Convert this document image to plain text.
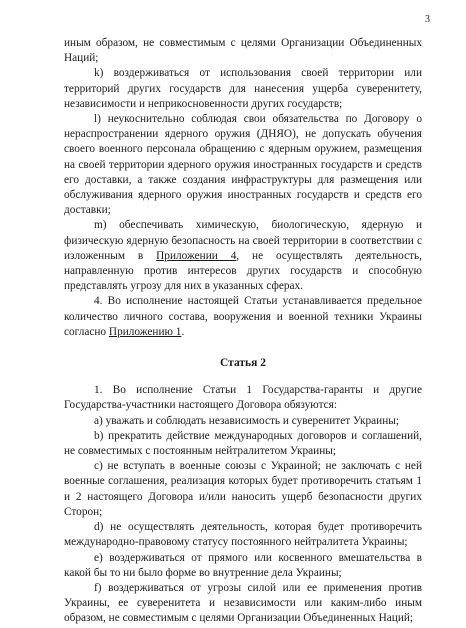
3

иным образом, не совместимым с целями Организации Объединенных Наций;

k) воздерживаться от использования своей территории или территорий других государств для нанесения ущерба суверенитету, независимости и неприкосновенности других государств;

l) неукоснительно соблюдая свои обязательства по Договору о нераспространении ядерного оружия (ДНЯО), не допускать обучения своего военного персонала обращению с ядерным оружием, размещения на своей территории ядерного оружия иностранных государств и средств его доставки, а также создания инфраструктуры для размещения или обслуживания ядерного оружия иностранных государств и средств его доставки;

m) обеспечивать химическую, биологическую, ядерную и физическую ядерную безопасность на своей территории в соответствии с изложенным в Приложении 4, не осуществлять деятельность, направленную против интересов других государств и способную представлять угрозу для них в указанных сферах.

4. Во исполнение настоящей Статьи устанавливается предельное количество личного состава, вооружения и военной техники Украины согласно Приложению 1.

Статья 2

1. Во исполнение Статьи 1 Государства-гаранты и другие Государства-участники настоящего Договора обязуются:

a) уважать и соблюдать независимость и суверенитет Украины;

b) прекратить действие международных договоров и соглашений, не совместимых с постоянным нейтралитетом Украины;

c) не вступать в военные союзы с Украиной; не заключать с ней военные соглашения, реализация которых будет противоречить статьям 1 и 2 настоящего Договора и/или наносить ущерб безопасности других Сторон;

d) не осуществлять деятельность, которая будет противоречить международно-правовому статусу постоянного нейтралитета Украины;

e) воздерживаться от прямого или косвенного вмешательства в какой бы то ни было форме во внутренние дела Украины;

f) воздерживаться от угрозы силой или ее применения против Украины, ее суверенитета и независимости или каким-либо иным образом, не совместимым с целями Организации Объединенных Наций;
